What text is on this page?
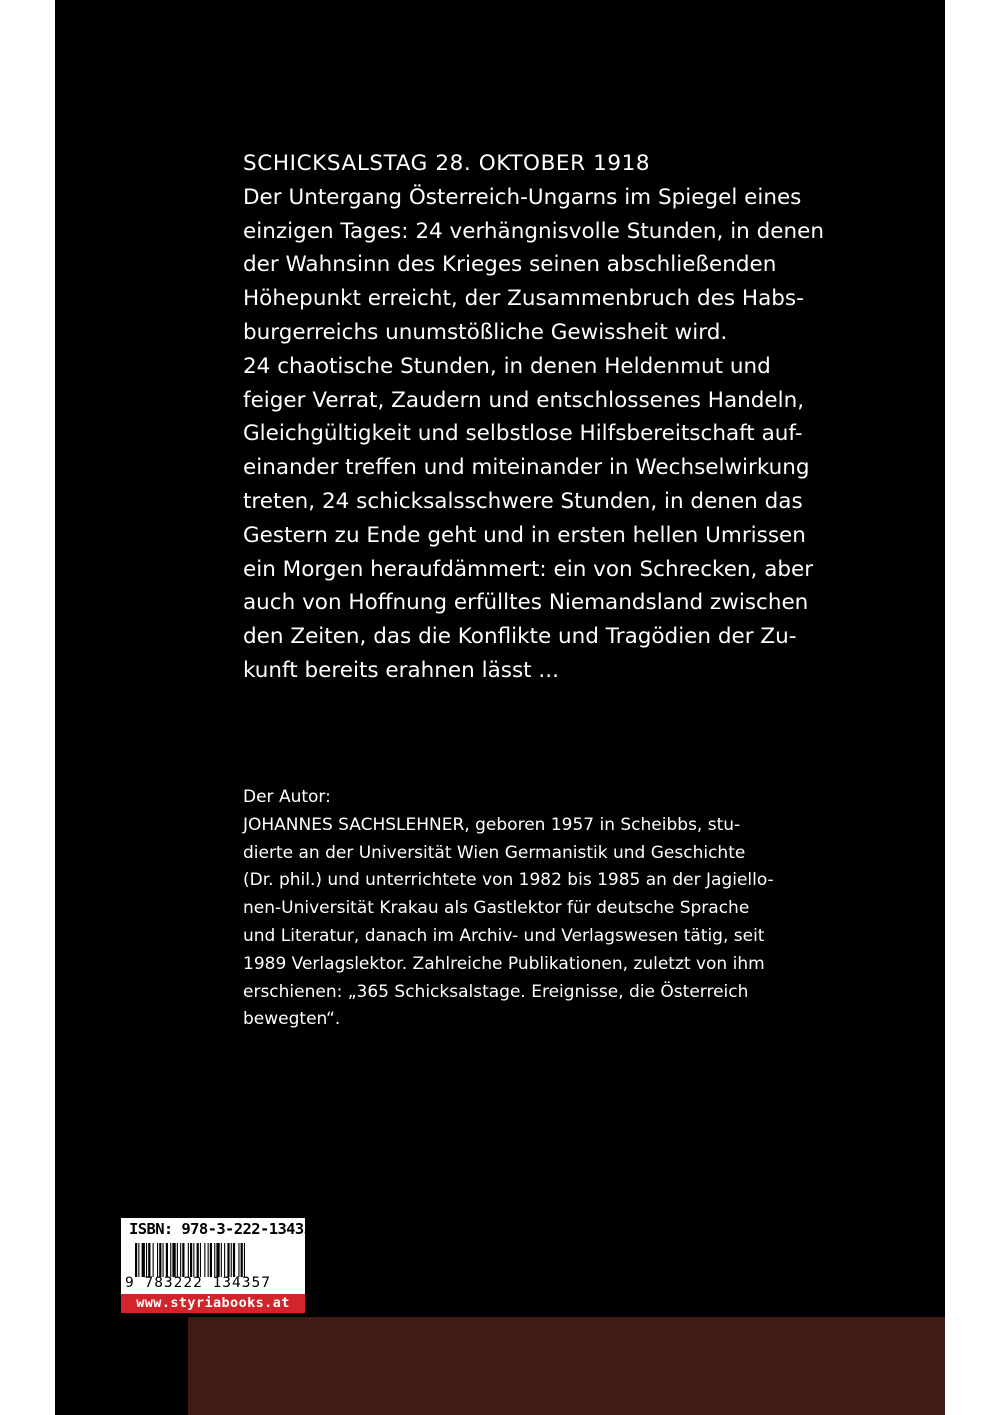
SCHICKSALSTAG 28. OKTOBER 1918

Der Untergang Österreich-Ungarns im Spiegel eines

einzigen Tages: 24 verhängnisvolle Stunden, in denen

der Wahnsinn des Krieges seinen abschließenden

Höhepunkt erreicht, der Zusammenbruch des Habs-

burgerreichs unumstößliche Gewissheit wird.

24 chaotische Stunden, in denen Heldenmut und

feiger Verrat, Zaudern und entschlossenes Handeln,

Gleichgültigkeit und selbstlose Hilfsbereitschaft auf-

einander treffen und miteinander in Wechselwirkung

treten, 24 schicksalsschwere Stunden, in denen das

Gestern zu Ende geht und in ersten hellen Umrissen

ein Morgen heraufdämmert: ein von Schrecken, aber

auch von Hoffnung erfülltes Niemandsland zwischen

den Zeiten, das die Konflikte und Tragödien der Zu-

kunft bereits erahnen lässt ...

Der Autor:

JOHANNES SACHSLEHNER, geboren 1957 in Scheibbs, stu-

dierte an der Universität Wien Germanistik und Geschichte

(Dr. phil.) und unterrichtete von 1982 bis 1985 an der Jagiello-

nen-Universität Krakau als Gastlektor für deutsche Sprache

und Literatur, danach im Archiv- und Verlagswesen tätig, seit

1989 Verlagslektor. Zahlreiche Publikationen, zuletzt von ihm

erschienen: „365 Schicksalstage. Ereignisse, die Österreich

bewegten“.

ISBN: 978-3-222-13435-7
9 783222 134357
www.styriabooks.at
